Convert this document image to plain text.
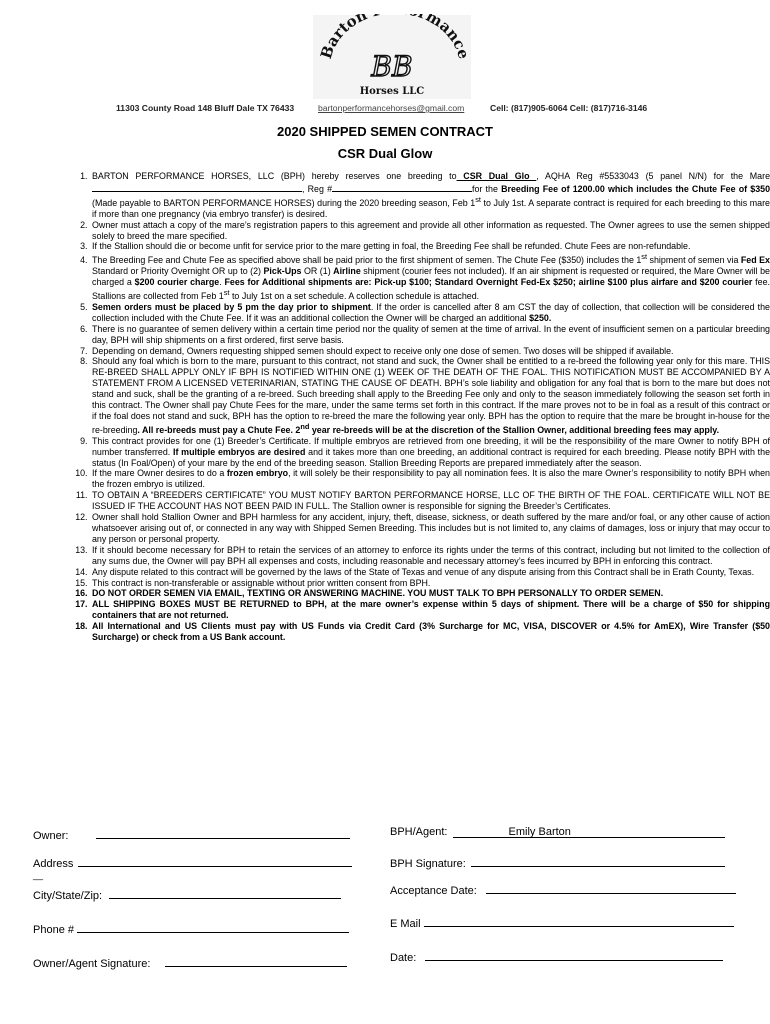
Barton mance
BB
Horses LLC
11303 County Road 148 Bluff Dale TX 76433	bartonperformancehorses@gmail.com	Cell: (817)905-6064 Cell: (817)716-3146
2020 SHIPPED SEMEN CONTRACT
CSR Dual Glow
1. BARTON PERFORMANCE HORSES, LLC (BPH) hereby reserves one breeding to CSR Dual Glo , AQHA Reg #5533043 (5 panel N/N) for the Mare, Reg #	for the Breeding Fee of 1200.00 which includes the Chute Fee of $350 (Made payable to BARTON PERFORMANCE HORSES) during the 2020 breeding season, Feb 1st to July 1st. A separate contract is required for each breeding to this mare if more than one pregnancy (via embryo transfer) is desired.
2. Owner must attach a copy of the mare’s registration papers to this agreement and provide all other information as requested. The Owner agrees to use the semen shipped solely to breed the mare specified.
3. If the Stallion should die or become unfit for service prior to the mare getting in foal, the Breeding Fee shall be refunded. Chute Fees are non-refundable.
4. The Breeding Fee and Chute Fee as specified above shall be paid prior to the first shipment of semen. The Chute Fee ($350) includes the 1st shipment of semen via Fed Ex Standard or Priority Overnight OR up to (2) Pick-Ups OR (1) Airline shipment (courier fees not included). If an air shipment is requested or required, the Mare Owner will be charged a $200 courier charge. Fees for Additional shipments are: Pick-up $100; Standard Overnight Fed-Ex $250; airline $100 plus airfare and $200 courier fee. Stallions are collected from Feb 1st to July 1st on a set schedule. A collection schedule is attached.
5. Semen orders must be placed by 5 pm the day prior to shipment. If the order is cancelled after 8 am CST the day of collection, that collection will be considered the collection included with the Chute Fee. If it was an additional collection the Owner will be charged an additional $250.
6. There is no guarantee of semen delivery within a certain time period nor the quality of semen at the time of arrival. In the event of insufficient semen on a particular breeding day, BPH will ship shipments on a first ordered, first serve basis.
7. Depending on demand, Owners requesting shipped semen should expect to receive only one dose of semen. Two doses will be shipped if available.
8. Should any foal which is born to the mare, pursuant to this contract, not stand and suck, the Owner shall be entitled to a re-breed the following year only for this mare. THIS RE-BREED SHALL APPLY ONLY IF BPH IS NOTIFIED WITHIN ONE (1) WEEK OF THE DEATH OF THE FOAL. THIS NOTIFICATION MUST BE ACCOMPANIED BY A STATEMENT FROM A LICENSED VETERINARIAN, STATING THE CAUSE OF DEATH. BPH’s sole liability and obligation for any foal that is born to the mare but does not stand and suck, shall be the granting of a re-breed. Such breeding shall apply to the Breeding Fee only and only to the season immediately following the season set forth in this contract. The Owner shall pay Chute Fees for the mare, under the same terms set forth in this contract. If the mare proves not to be in foal as a result of this contract or if the foal does not stand and suck, BPH has the option to re-breed the mare the following year only. BPH has the option to require that the mare be brought in-house for the re-breeding. All re-breeds must pay a Chute Fee. 2nd year re-breeds will be at the discretion of the Stallion Owner, additional breeding fees may apply.
9. This contract provides for one (1) Breeder’s Certificate. If multiple embryos are retrieved from one breeding, it will be the responsibility of the mare Owner to notify BPH of number transferred. If multiple embryos are desired and it takes more than one breeding, an additional contract is required for each breeding. Please notify BPH with the status (In Foal/Open) of your mare by the end of the breeding season. Stallion Breeding Reports are prepared immediately after the season.
10. If the mare Owner desires to do a frozen embryo, it will solely be their responsibility to pay all nomination fees. It is also the mare Owner’s responsibility to notify BPH when the frozen embryo is utilized.
11. TO OBTAIN A “BREEDERS CERTIFICATE” YOU MUST NOTIFY BARTON PERFORMANCE HORSE, LLC OF THE BIRTH OF THE FOAL. CERTIFICATE WILL NOT BE ISSUED IF THE ACCOUNT HAS NOT BEEN PAID IN FULL. The Stallion owner is responsible for signing the Breeder’s Certificates.
12. Owner shall hold Stallion Owner and BPH harmless for any accident, injury, theft, disease, sickness, or death suffered by the mare and/or foal, or any other cause of action whatsoever arising out of, or connected in any way with Shipped Semen Breeding. This includes but is not limited to, any claims of damages, loss or injury that may occur to any person or personal property.
13. If it should become necessary for BPH to retain the services of an attorney to enforce its rights under the terms of this contract, including but not limited to the collection of any sums due, the Owner will pay BPH all expenses and costs, including reasonable and necessary attorney’s fees incurred by BPH in enforcing this contract.
14. Any dispute related to this contract will be governed by the laws of the State of Texas and venue of any dispute arising from this Contract shall be in Erath County, Texas.
15. This contract is non-transferable or assignable without prior written consent from BPH.
16. DO NOT ORDER SEMEN VIA EMAIL, TEXTING OR ANSWERING MACHINE. YOU MUST TALK TO BPH PERSONALLY TO ORDER SEMEN.
17. ALL SHIPPING BOXES MUST BE RETURNED to BPH, at the mare owner’s expense within 5 days of shipment. There will be a charge of $50 for shipping containers that are not returned.
18. All International and US Clients must pay with US Funds via Credit Card (3% Surcharge for MC, VISA, DISCOVER or 4.5% for AmEX), Wire Transfer ($50 Surcharge) or check from a US Bank account.
Owner:
Address
__
City/State/Zip:
Phone #
Owner/Agent Signature:
BPH/Agent:	Emily Barton
BPH Signature:
Acceptance Date:
E Mail
Date:
